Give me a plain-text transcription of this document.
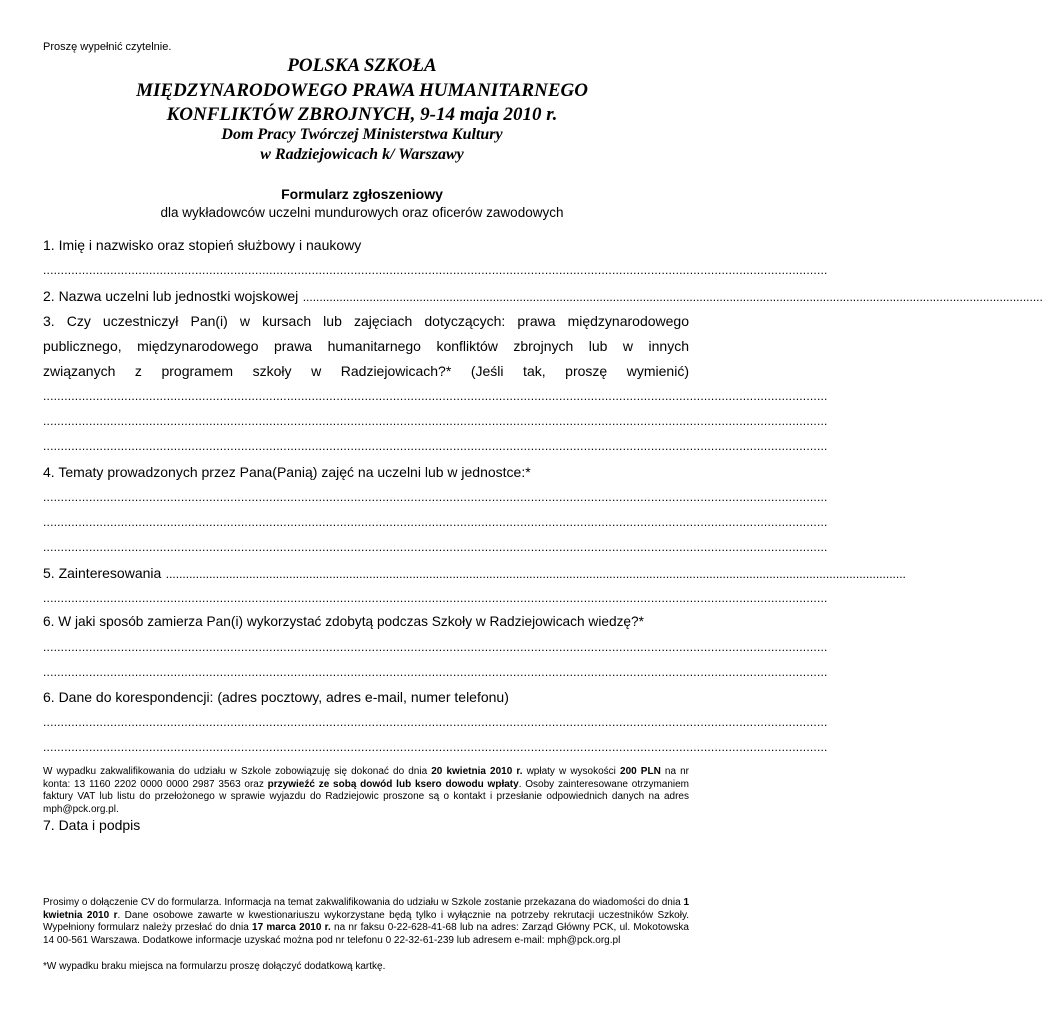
Proszę wypełnić czytelnie.
POLSKA SZKOŁA
MIĘDZYNARODOWEGO PRAWA HUMANITARNEGO
KONFLIKTÓW ZBROJNYCH, 9-14 maja 2010 r.
Dom Pracy Twórczej Ministerstwa Kultury
w Radziejowicach k/ Warszawy
Formularz zgłoszeniowy
dla wykładowców uczelni mundurowych oraz oficerów zawodowych
1. Imię i nazwisko oraz stopień służbowy i naukowy
..............................................................................................................................................................................................................................
2. Nazwa uczelni lub jednostki wojskowej ..............................................................................................................................................................................................................................
3. Czy uczestniczył Pan(i) w kursach lub zajęciach dotyczących: prawa międzynarodowego
publicznego, międzynarodowego prawa humanitarnego konfliktów zbrojnych lub w innych
związanych z programem szkoły w Radziejowicach?* (Jeśli tak, proszę wymienić)
..............................................................................................................................................................................................................................
..............................................................................................................................................................................................................................
..............................................................................................................................................................................................................................
4. Tematy prowadzonych przez Pana(Panią) zajęć na uczelni lub w jednostce:*
..............................................................................................................................................................................................................................
..............................................................................................................................................................................................................................
..............................................................................................................................................................................................................................
5. Zainteresowania ..............................................................................................................................................................................................................................
..............................................................................................................................................................................................................................
6. W jaki sposób zamierza Pan(i) wykorzystać zdobytą podczas Szkoły w Radziejowicach wiedzę?*
..............................................................................................................................................................................................................................
..............................................................................................................................................................................................................................
6. Dane do korespondencji: (adres pocztowy, adres e-mail, numer telefonu)
..............................................................................................................................................................................................................................
..............................................................................................................................................................................................................................
W wypadku zakwalifikowania do udziału w Szkole zobowiązuję się dokonać do dnia 20 kwietnia 2010 r. wpłaty w wysokości 200 PLN na nr konta: 13 1160 2202 0000 0000 2987 3563 oraz przywieźć ze sobą dowód lub ksero dowodu wpłaty. Osoby zainteresowane otrzymaniem faktury VAT lub listu do przełożonego w sprawie wyjazdu do Radziejowic proszone są o kontakt i przesłanie odpowiednich danych na adres mph@pck.org.pl.
7. Data i podpis
Prosimy o dołączenie CV do formularza. Informacja na temat zakwalifikowania do udziału w Szkole zostanie przekazana do wiadomości do dnia 1 kwietnia 2010 r. Dane osobowe zawarte w kwestionariuszu wykorzystane będą tylko i wyłącznie na potrzeby rekrutacji uczestników Szkoły. Wypełniony formularz należy przesłać do dnia 17 marca 2010 r. na nr faksu 0-22-628-41-68 lub na adres: Zarząd Główny PCK, ul. Mokotowska 14 00-561 Warszawa. Dodatkowe informacje uzyskać można pod nr telefonu 0 22-32-61-239 lub adresem e-mail: mph@pck.org.pl
*W wypadku braku miejsca na formularzu proszę dołączyć dodatkową kartkę.
